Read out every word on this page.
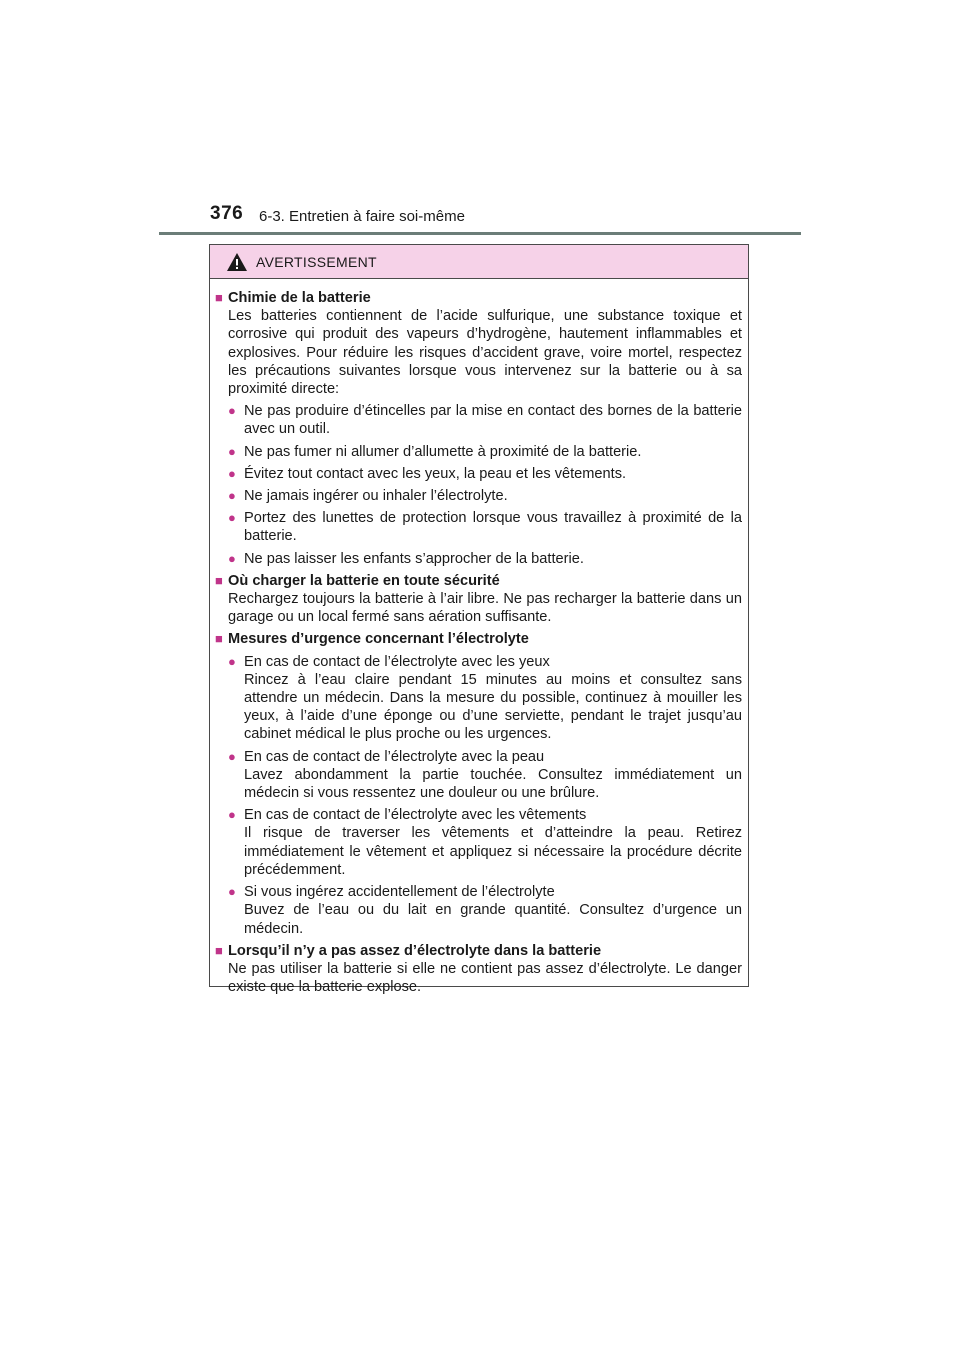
376 6-3. Entretien à faire soi-même
AVERTISSEMENT
■ Chimie de la batterie
Les batteries contiennent de l’acide sulfurique, une substance toxique et corrosive qui produit des vapeurs d’hydrogène, hautement inflammables et explosives. Pour réduire les risques d’accident grave, voire mortel, respectez les précautions suivantes lorsque vous intervenez sur la batterie ou à sa proximité directe:
● Ne pas produire d’étincelles par la mise en contact des bornes de la batterie avec un outil.
● Ne pas fumer ni allumer d’allumette à proximité de la batterie.
● Évitez tout contact avec les yeux, la peau et les vêtements.
● Ne jamais ingérer ou inhaler l’électrolyte.
● Portez des lunettes de protection lorsque vous travaillez à proximité de la batterie.
● Ne pas laisser les enfants s’approcher de la batterie.
■ Où charger la batterie en toute sécurité
Rechargez toujours la batterie à l’air libre. Ne pas recharger la batterie dans un garage ou un local fermé sans aération suffisante.
■ Mesures d’urgence concernant l’électrolyte
● En cas de contact de l’électrolyte avec les yeux
Rincez à l’eau claire pendant 15 minutes au moins et consultez sans attendre un médecin. Dans la mesure du possible, continuez à mouiller les yeux, à l’aide d’une éponge ou d’une serviette, pendant le trajet jusqu’au cabinet médical le plus proche ou les urgences.
● En cas de contact de l’électrolyte avec la peau
Lavez abondamment la partie touchée. Consultez immédiatement un médecin si vous ressentez une douleur ou une brûlure.
● En cas de contact de l’électrolyte avec les vêtements
Il risque de traverser les vêtements et d’atteindre la peau. Retirez immédiatement le vêtement et appliquez si nécessaire la procédure décrite précédemment.
● Si vous ingérez accidentellement de l’électrolyte
Buvez de l’eau ou du lait en grande quantité. Consultez d’urgence un médecin.
■ Lorsqu’il n’y a pas assez d’électrolyte dans la batterie
Ne pas utiliser la batterie si elle ne contient pas assez d’électrolyte. Le danger existe que la batterie explose.
